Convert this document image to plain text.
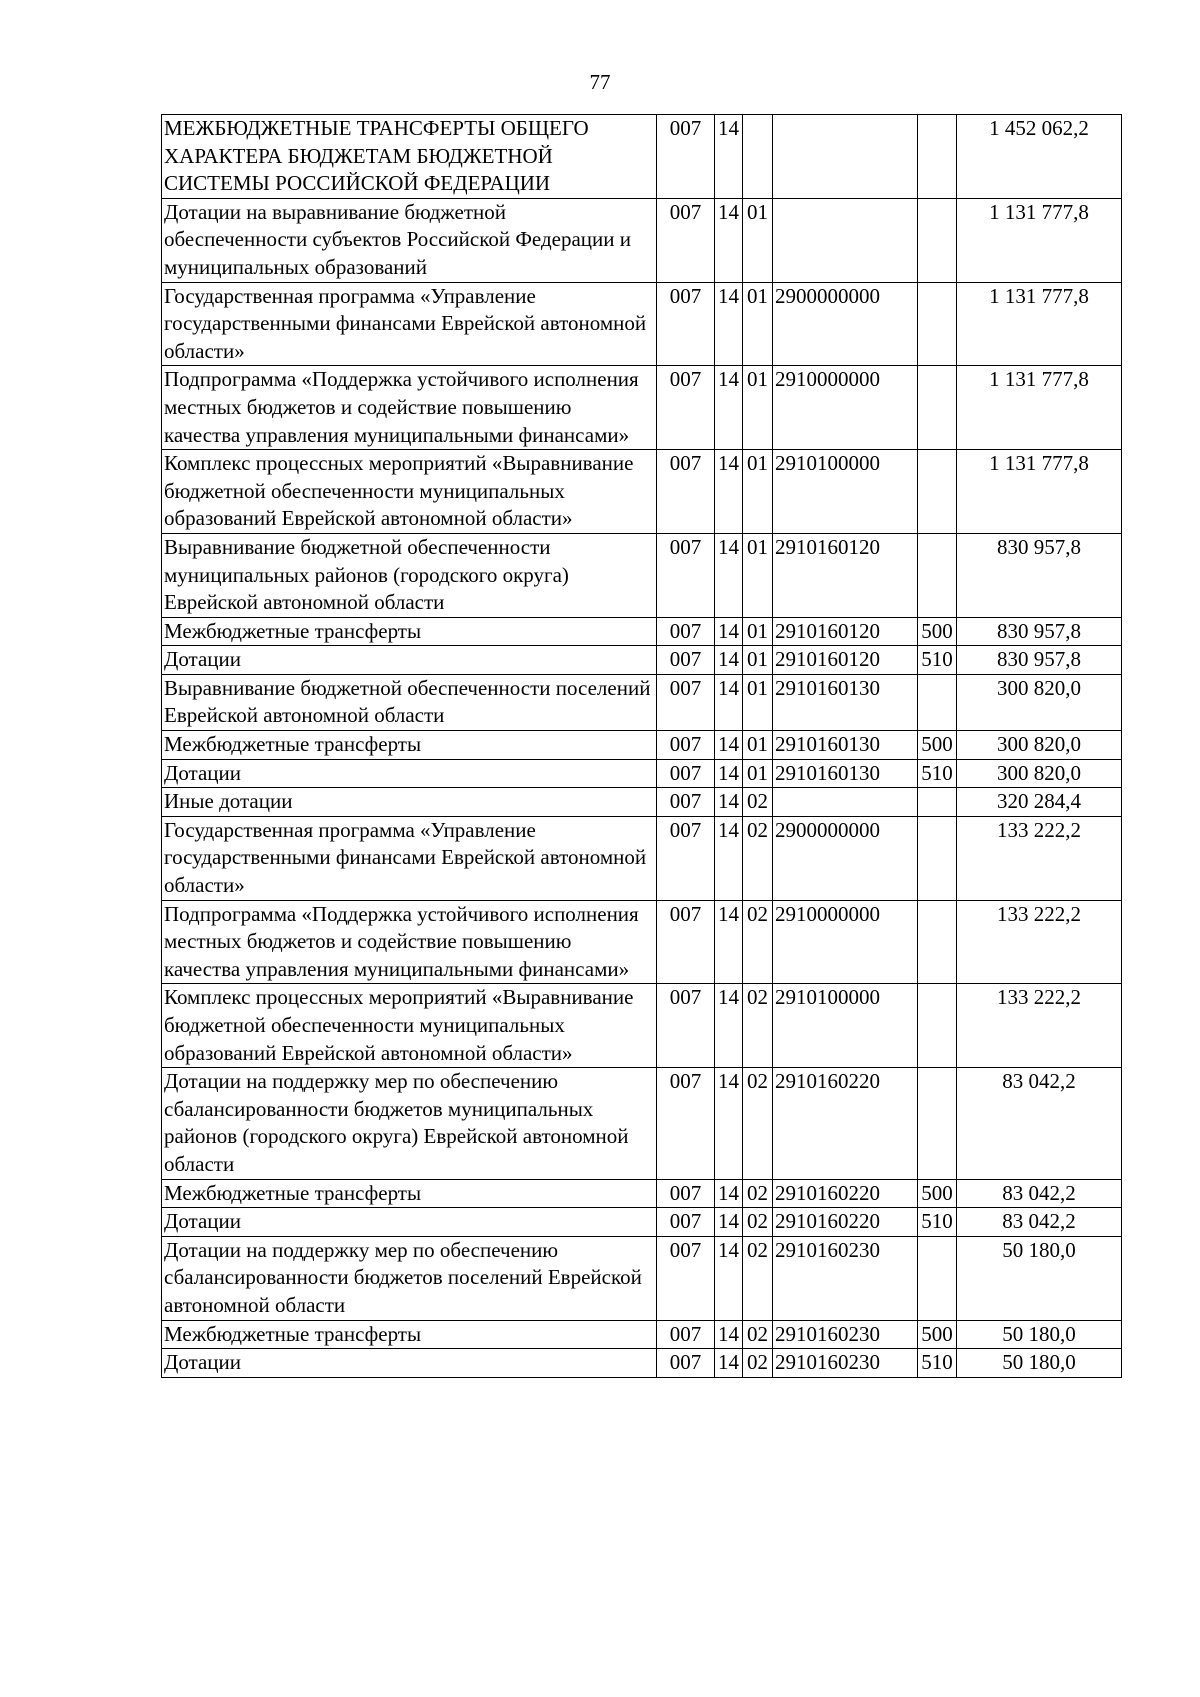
77
МЕЖБЮДЖЕТНЫЕ ТРАНСФЕРТЫ ОБЩЕГО ХАРАКТЕРА БЮДЖЕТАМ БЮДЖЕТНОЙ СИСТЕМЫ РОССИЙСКОЙ ФЕДЕРАЦИИ	007	14				1 452 062,2
Дотации на выравнивание бюджетной обеспеченности субъектов Российской Федерации и муниципальных образований	007	14	01			1 131 777,8
Государственная программа «Управление государственными финансами Еврейской автономной области»	007	14	01	2900000000		1 131 777,8
Подпрограмма «Поддержка устойчивого исполнения местных бюджетов и содействие повышению качества управления муниципальными финансами»	007	14	01	2910000000		1 131 777,8
Комплекс процессных мероприятий «Выравнивание бюджетной обеспеченности муниципальных образований Еврейской автономной области»	007	14	01	2910100000		1 131 777,8
Выравнивание бюджетной обеспеченности муниципальных районов (городского округа) Еврейской автономной области	007	14	01	2910160120		830 957,8
Межбюджетные трансферты	007	14	01	2910160120	500	830 957,8
Дотации	007	14	01	2910160120	510	830 957,8
Выравнивание бюджетной обеспеченности поселений Еврейской автономной области	007	14	01	2910160130		300 820,0
Межбюджетные трансферты	007	14	01	2910160130	500	300 820,0
Дотации	007	14	01	2910160130	510	300 820,0
Иные дотации	007	14	02			320 284,4
Государственная программа «Управление государственными финансами Еврейской автономной области»	007	14	02	2900000000		133 222,2
Подпрограмма «Поддержка устойчивого исполнения местных бюджетов и содействие повышению качества управления муниципальными финансами»	007	14	02	2910000000		133 222,2
Комплекс процессных мероприятий «Выравнивание бюджетной обеспеченности муниципальных образований Еврейской автономной области»	007	14	02	2910100000		133 222,2
Дотации на поддержку мер по обеспечению сбалансированности бюджетов муниципальных районов (городского округа) Еврейской автономной области	007	14	02	2910160220		83 042,2
Межбюджетные трансферты	007	14	02	2910160220	500	83 042,2
Дотации	007	14	02	2910160220	510	83 042,2
Дотации на поддержку мер по обеспечению сбалансированности бюджетов поселений Еврейской автономной области	007	14	02	2910160230		50 180,0
Межбюджетные трансферты	007	14	02	2910160230	500	50 180,0
Дотации	007	14	02	2910160230	510	50 180,0
